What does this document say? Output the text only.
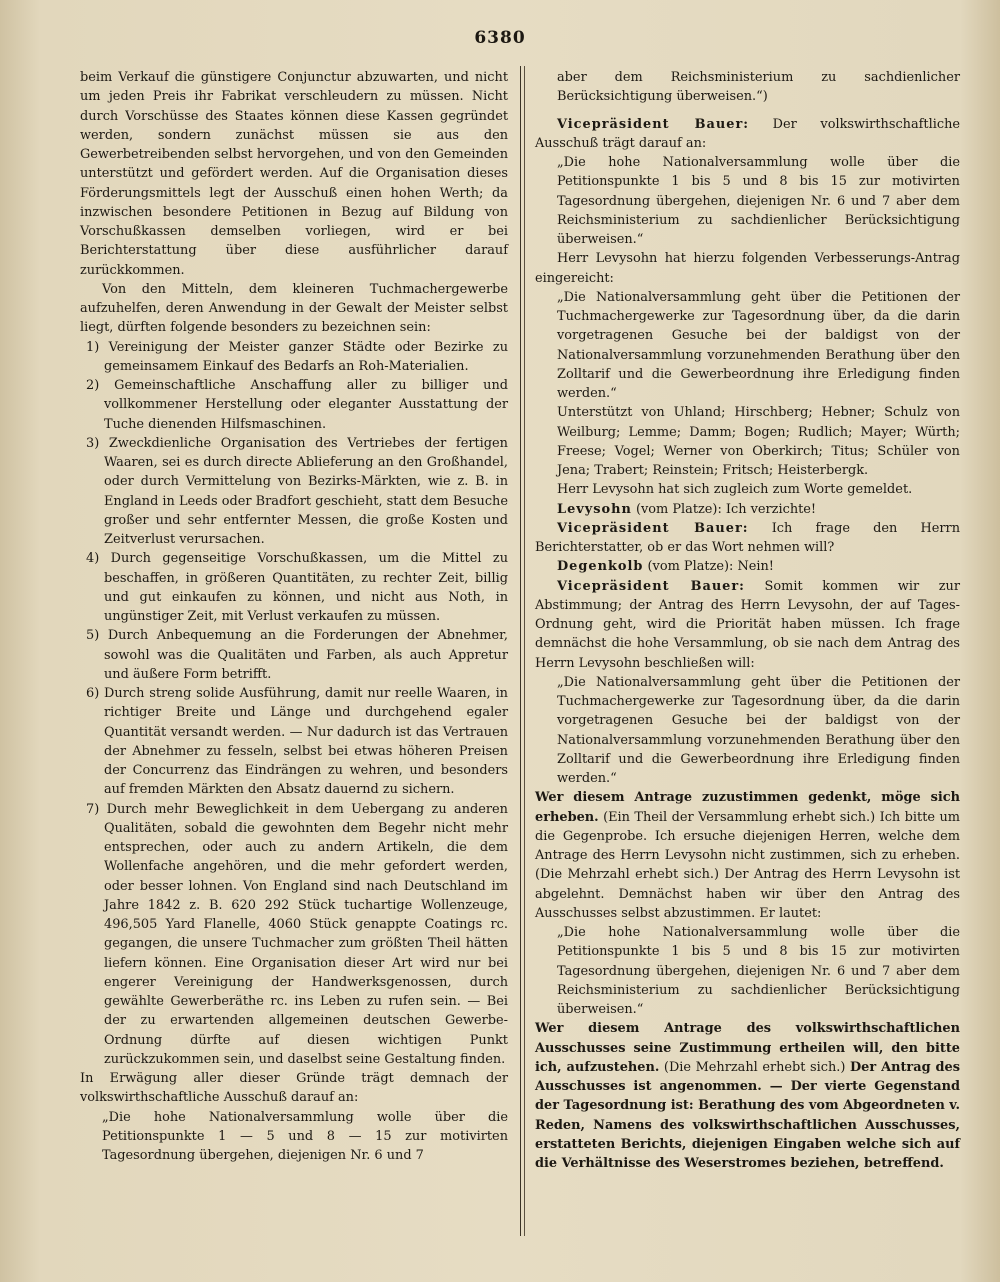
6380

beim Verkauf die günstigere Conjunctur abzuwarten, und nicht um jeden Preis ihr Fabrikat verschleudern zu müssen. Nicht durch Vorschüsse des Staates können diese Kassen gegründet werden, sondern zunächst müssen sie aus den Gewerbetreibenden selbst hervorgehen, und von den Gemeinden unterstützt und gefördert werden. Auf die Organisation dieses Förderungsmittels legt der Ausschuß einen hohen Werth; da inzwischen besondere Petitionen in Bezug auf Bildung von Vorschußkassen demselben vorliegen, wird er bei Berichterstattung über diese ausführlicher darauf zurückkommen.

Von den Mitteln, dem kleineren Tuchmachergewerbe aufzuhelfen, deren Anwendung in der Gewalt der Meister selbst liegt, dürften folgende besonders zu bezeichnen sein:

1) Vereinigung der Meister ganzer Städte oder Bezirke zu gemeinsamem Einkauf des Bedarfs an Roh-Materialien.

2) Gemeinschaftliche Anschaffung aller zu billiger und vollkommener Herstellung oder eleganter Ausstattung der Tuche dienenden Hilfsmaschinen.

3) Zweckdienliche Organisation des Vertriebes der fertigen Waaren, sei es durch directe Ablieferung an den Großhandel, oder durch Vermittelung von Bezirks-Märkten, wie z. B. in England in Leeds oder Bradfort geschieht, statt dem Besuche großer und sehr entfernter Messen, die große Kosten und Zeitverlust verursachen.

4) Durch gegenseitige Vorschußkassen, um die Mittel zu beschaffen, in größeren Quantitäten, zu rechter Zeit, billig und gut einkaufen zu können, und nicht aus Noth, in ungünstiger Zeit, mit Verlust verkaufen zu müssen.

5) Durch Anbequemung an die Forderungen der Abnehmer, sowohl was die Qualitäten und Farben, als auch Appretur und äußere Form betrifft.

6) Durch streng solide Ausführung, damit nur reelle Waaren, in richtiger Breite und Länge und durchgehend egaler Quantität versandt werden. — Nur dadurch ist das Vertrauen der Abnehmer zu fesseln, selbst bei etwas höheren Preisen der Concurrenz das Eindrängen zu wehren, und besonders auf fremden Märkten den Absatz dauernd zu sichern.

7) Durch mehr Beweglichkeit in dem Uebergang zu anderen Qualitäten, sobald die gewohnten dem Begehr nicht mehr entsprechen, oder auch zu andern Artikeln, die dem Wollenfache angehören, und die mehr gefordert werden, oder besser lohnen. Von England sind nach Deutschland im Jahre 1842 z. B. 620 292 Stück tuchartige Wollenzeuge, 496,505 Yard Flanelle, 4060 Stück genappte Coatings rc. gegangen, die unsere Tuchmacher zum größten Theil hätten liefern können. Eine Organisation dieser Art wird nur bei engerer Vereinigung der Handwerksgenossen, durch gewählte Gewerberäthe rc. ins Leben zu rufen sein. — Bei der zu erwartenden allgemeinen deutschen Gewerbe-Ordnung dürfte auf diesen wichtigen Punkt zurückzukommen sein, und daselbst seine Gestaltung finden.

In Erwägung aller dieser Gründe trägt demnach der volkswirthschaftliche Ausschuß darauf an:

„Die hohe Nationalversammlung wolle über die Petitionspunkte 1 — 5 und 8 — 15 zur motivirten Tagesordnung übergehen, diejenigen Nr. 6 und 7

aber dem Reichsministerium zu sachdienlicher Berücksichtigung überweisen.“)

Vicepräsident Bauer: Der volkswirthschaftliche Ausschuß trägt darauf an:

„Die hohe Nationalversammlung wolle über die Petitionspunkte 1 bis 5 und 8 bis 15 zur motivirten Tagesordnung übergehen, diejenigen Nr. 6 und 7 aber dem Reichsministerium zu sachdienlicher Berücksichtigung überweisen.“

Herr Levysohn hat hierzu folgenden Verbesserungs-Antrag eingereicht:

„Die Nationalversammlung geht über die Petitionen der Tuchmachergewerke zur Tagesordnung über, da die darin vorgetragenen Gesuche bei der baldigst von der Nationalversammlung vorzunehmenden Berathung über den Zolltarif und die Gewerbeordnung ihre Erledigung finden werden.“

Unterstützt von Uhland; Hirschberg; Hebner; Schulz von Weilburg; Lemme; Damm; Bogen; Rudlich; Mayer; Würth; Freese; Vogel; Werner von Oberkirch; Titus; Schüler von Jena; Trabert; Reinstein; Fritsch; Heisterbergk.

Herr Levysohn hat sich zugleich zum Worte gemeldet.

Levysohn (vom Platze): Ich verzichte!

Vicepräsident Bauer: Ich frage den Herrn Berichterstatter, ob er das Wort nehmen will?

Degenkolb (vom Platze): Nein!

Vicepräsident Bauer: Somit kommen wir zur Abstimmung; der Antrag des Herrn Levysohn, der auf Tages-Ordnung geht, wird die Priorität haben müssen. Ich frage demnächst die hohe Versammlung, ob sie nach dem Antrag des Herrn Levysohn beschließen will:

„Die Nationalversammlung geht über die Petitionen der Tuchmachergewerke zur Tagesordnung über, da die darin vorgetragenen Gesuche bei der baldigst von der Nationalversammlung vorzunehmenden Berathung über den Zolltarif und die Gewerbeordnung ihre Erledigung finden werden.“

Wer diesem Antrage zuzustimmen gedenkt, möge sich erheben. (Ein Theil der Versammlung erhebt sich.) Ich bitte um die Gegenprobe. Ich ersuche diejenigen Herren, welche dem Antrage des Herrn Levysohn nicht zustimmen, sich zu erheben. (Die Mehrzahl erhebt sich.) Der Antrag des Herrn Levysohn ist abgelehnt. Demnächst haben wir über den Antrag des Ausschusses selbst abzustimmen. Er lautet:

„Die hohe Nationalversammlung wolle über die Petitionspunkte 1 bis 5 und 8 bis 15 zur motivirten Tagesordnung übergehen, diejenigen Nr. 6 und 7 aber dem Reichsministerium zu sachdienlicher Berücksichtigung überweisen.“

Wer diesem Antrage des volkswirthschaftlichen Ausschusses seine Zustimmung ertheilen will, den bitte ich, aufzustehen. (Die Mehrzahl erhebt sich.) Der Antrag des Ausschusses ist angenommen. — Der vierte Gegenstand der Tagesordnung ist: Berathung des vom Abgeordneten v. Reden, Namens des volkswirthschaftlichen Ausschusses, erstatteten Berichts, diejenigen Eingaben welche sich auf die Verhältnisse des Weserstromes beziehen, betreffend.
